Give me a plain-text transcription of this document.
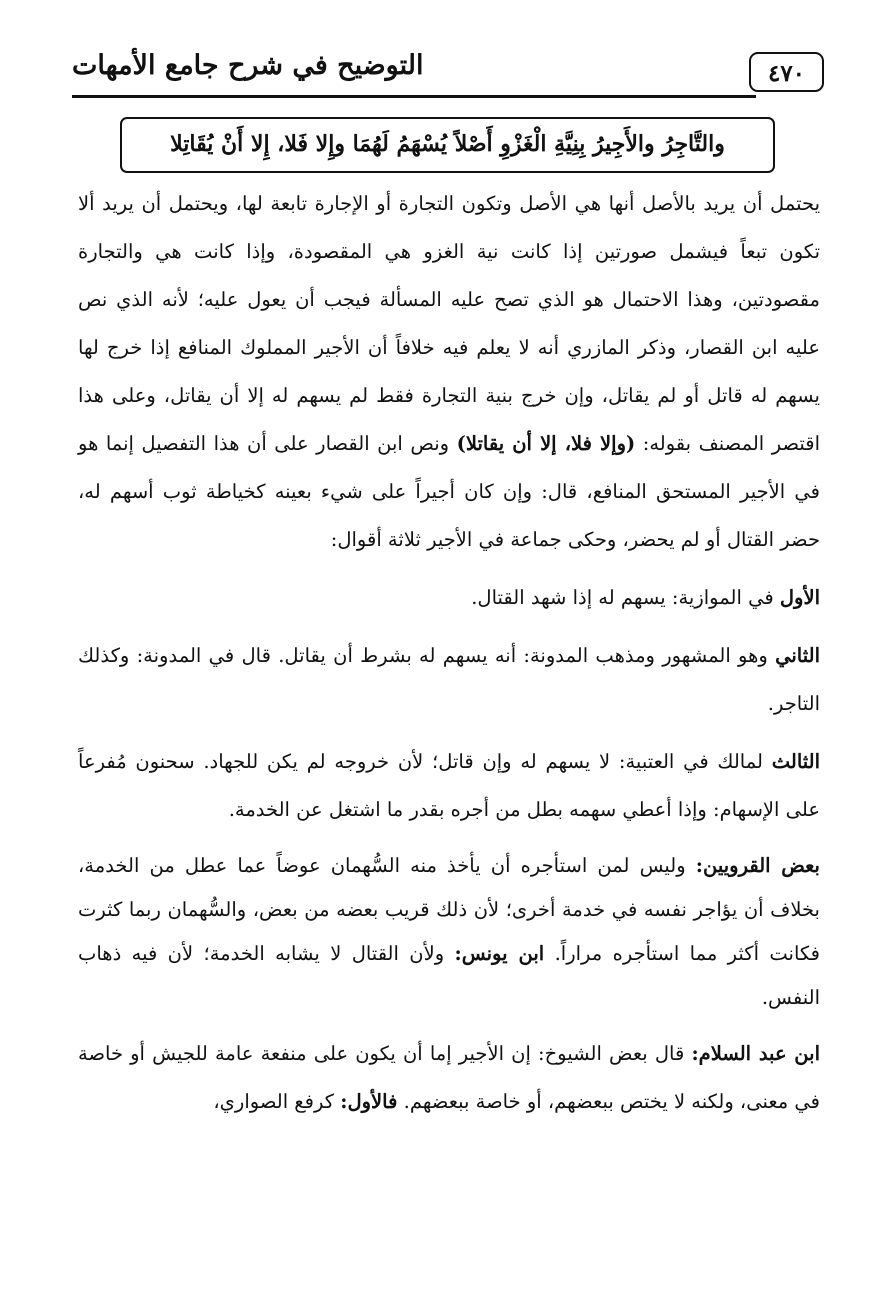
٤٧٠
التوضيح في شرح جامع الأمهات
والتَّاجِرُ والأَجِيرُ بِنِيَّةِ الْغَزْوِ أَصْلاً يُسْهَمُ لَهُمَا وإِلا فَلا، إِلا أَنْ يُقَاتِلا

يحتمل أن يريد بالأصل أنها هي الأصل وتكون التجارة أو الإجارة تابعة لها، ويحتمل أن يريد ألا تكون تبعاً فيشمل صورتين إذا كانت نية الغزو هي المقصودة، وإذا كانت هي والتجارة مقصودتين، وهذا الاحتمال هو الذي تصح عليه المسألة فيجب أن يعول عليه؛ لأنه الذي نص عليه ابن القصار، وذكر المازري أنه لا يعلم فيه خلافاً أن الأجير المملوك المنافع إذا خرج لها يسهم له قاتل أو لم يقاتل، وإن خرج بنية التجارة فقط لم يسهم له إلا أن يقاتل، وعلى هذا اقتصر المصنف بقوله: (وإلا فلا، إلا أن يقاتلا) ونص ابن القصار على أن هذا التفصيل إنما هو في الأجير المستحق المنافع، قال: وإن كان أجيراً على شيء بعينه كخياطة ثوب أسهم له، حضر القتال أو لم يحضر، وحكى جماعة في الأجير ثلاثة أقوال:

الأول في الموازية: يسهم له إذا شهد القتال.

الثاني وهو المشهور ومذهب المدونة: أنه يسهم له بشرط أن يقاتل. قال في المدونة: وكذلك التاجر.

الثالث لمالك في العتبية: لا يسهم له وإن قاتل؛ لأن خروجه لم يكن للجهاد. سحنون مُفرعاً على الإسهام: وإذا أعطي سهمه بطل من أجره بقدر ما اشتغل عن الخدمة.

بعض القرويين: وليس لمن استأجره أن يأخذ منه السُّهمان عوضاً عما عطل من الخدمة، بخلاف أن يؤاجر نفسه في خدمة أخرى؛ لأن ذلك قريب بعضه من بعض، والسُّهمان ربما كثرت فكانت أكثر مما استأجره مراراً. ابن يونس: ولأن القتال لا يشابه الخدمة؛ لأن فيه ذهاب النفس.

ابن عبد السلام: قال بعض الشيوخ: إن الأجير إما أن يكون على منفعة عامة للجيش أو خاصة في معنى، ولكنه لا يختص ببعضهم، أو خاصة ببعضهم. فالأول: كرفع الصواري،
